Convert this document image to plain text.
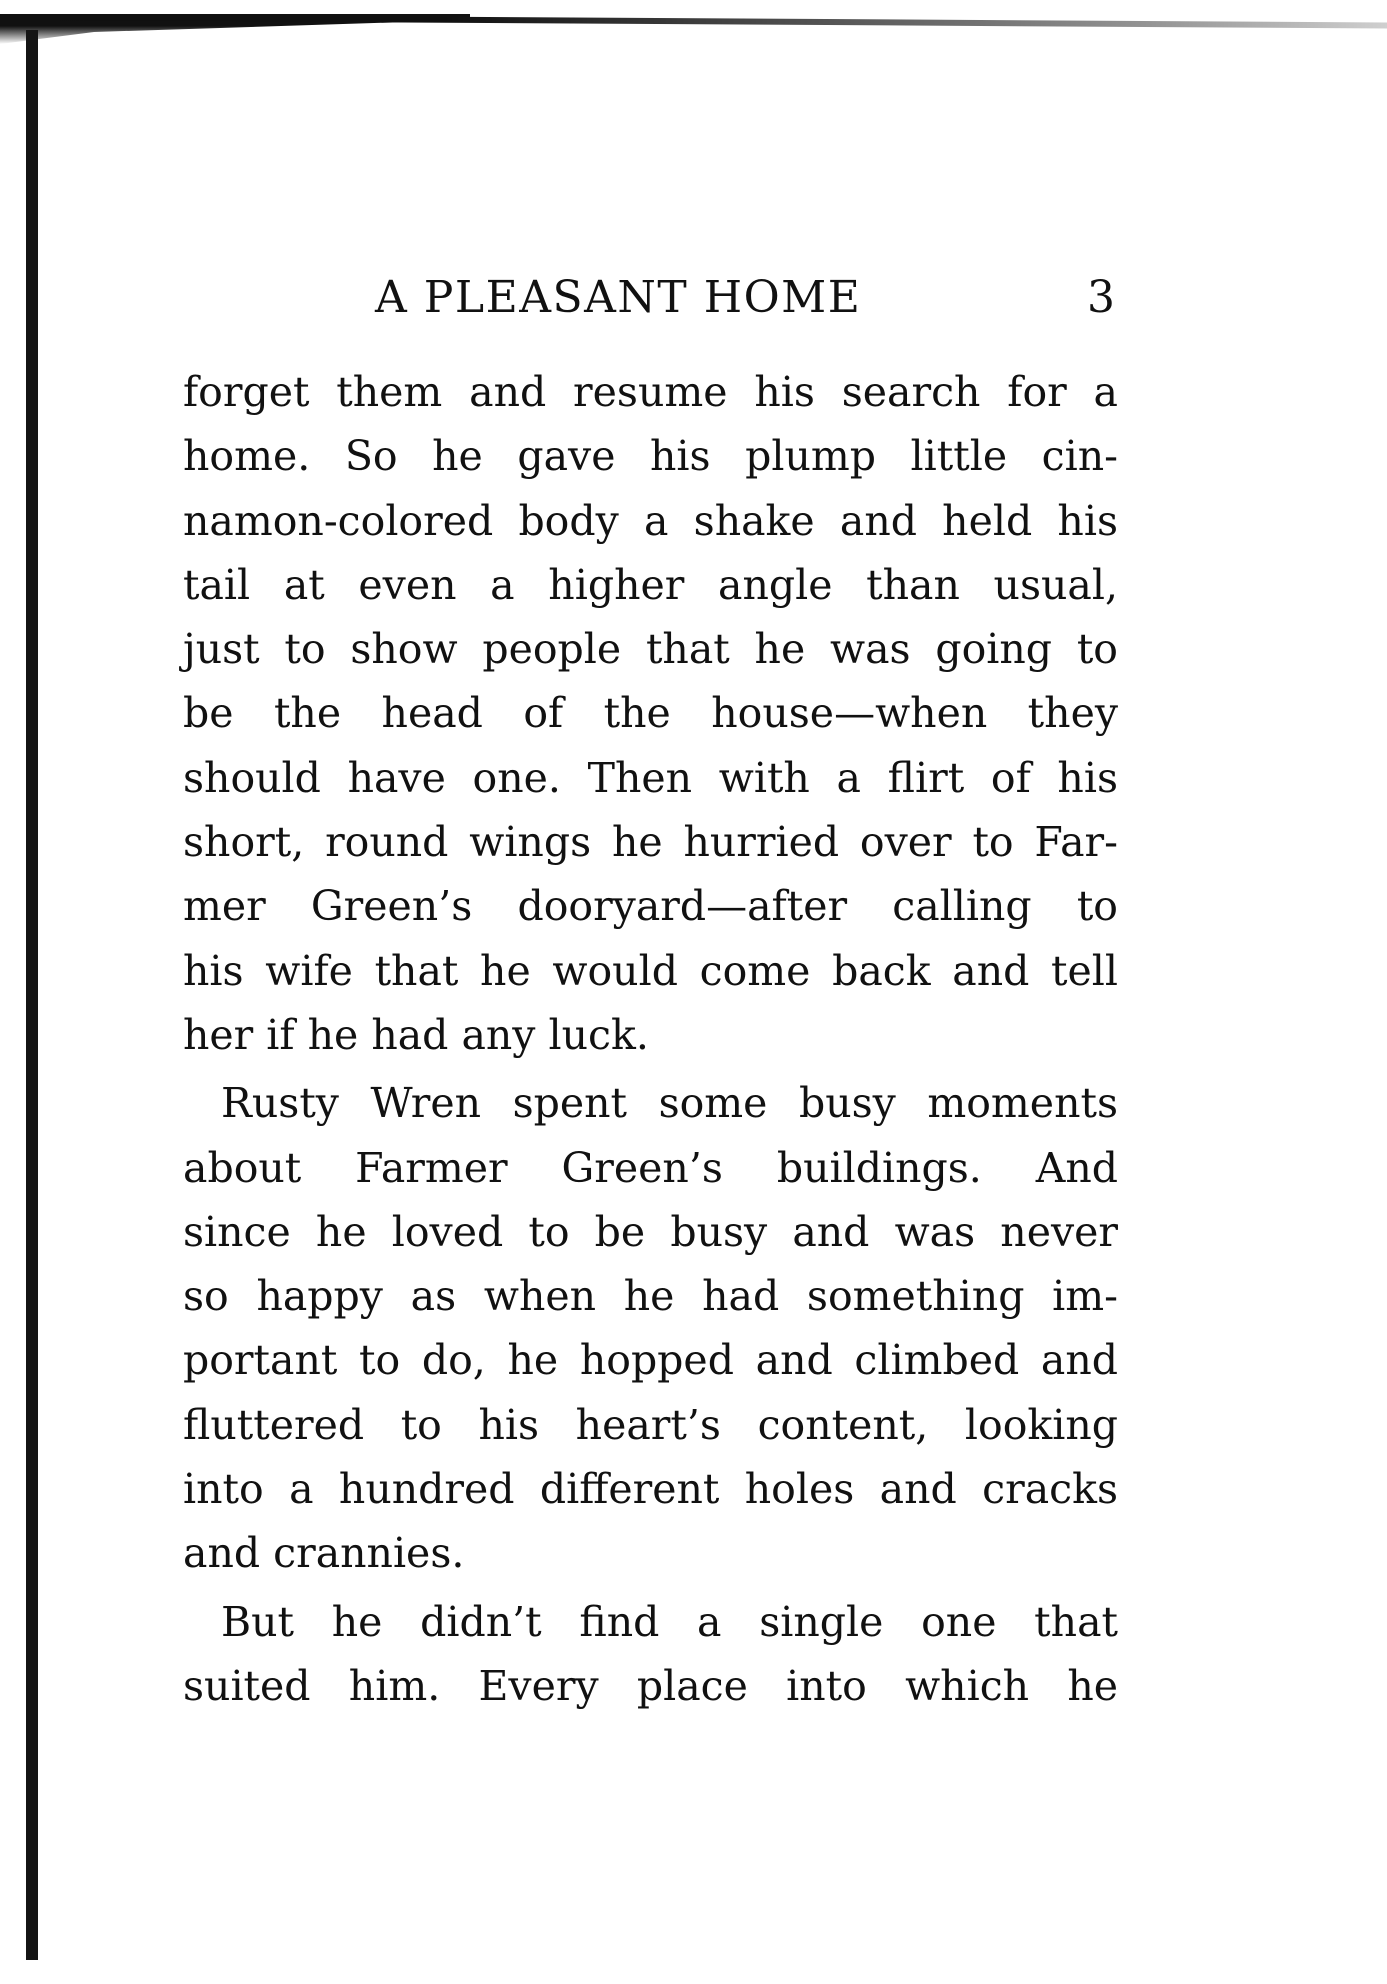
A PLEASANT HOME	3
forget them and resume his search for a
home. So he gave his plump little cin-
namon-colored body a shake and held his
tail at even a higher angle than usual,
just to show people that he was going to
be the head of the house—when they
should have one. Then with a flirt of his
short, round wings he hurried over to Far-
mer Green’s dooryard—after calling to
his wife that he would come back and tell
her if he had any luck.
Rusty Wren spent some busy moments
about Farmer Green’s buildings. And
since he loved to be busy and was never
so happy as when he had something im-
portant to do, he hopped and climbed and
fluttered to his heart’s content, looking
into a hundred different holes and cracks
and crannies.
But he didn’t find a single one that
suited him. Every place into which he
